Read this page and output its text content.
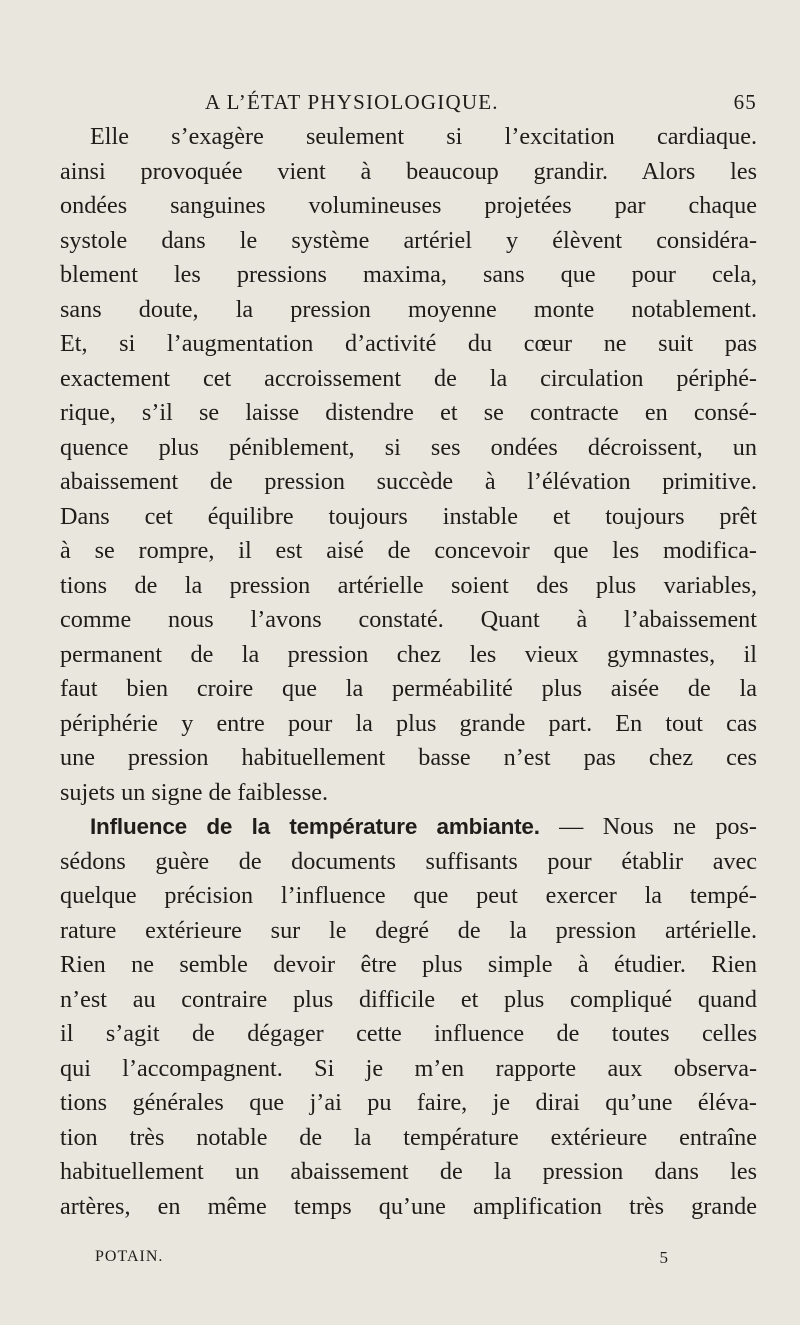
A L’ÉTAT PHYSIOLOGIQUE.	65
Elle s’exagère seulement si l’excitation cardiaque.
ainsi provoquée vient à beaucoup grandir. Alors les
ondées sanguines volumineuses projetées par chaque
systole dans le système artériel y élèvent considéra-
blement les pressions maxima, sans que pour cela,
sans doute, la pression moyenne monte notablement.
Et, si l’augmentation d’activité du cœur ne suit pas
exactement cet accroissement de la circulation périphé-
rique, s’il se laisse distendre et se contracte en consé-
quence plus péniblement, si ses ondées décroissent, un
abaissement de pression succède à l’élévation primitive.
Dans cet équilibre toujours instable et toujours prêt
à se rompre, il est aisé de concevoir que les modifica-
tions de la pression artérielle soient des plus variables,
comme nous l’avons constaté. Quant à l’abaissement
permanent de la pression chez les vieux gymnastes, il
faut bien croire que la perméabilité plus aisée de la
périphérie y entre pour la plus grande part. En tout cas
une pression habituellement basse n’est pas chez ces
sujets un signe de faiblesse.
Influence de la température ambiante. — Nous ne pos-
sédons guère de documents suffisants pour établir avec
quelque précision l’influence que peut exercer la tempé-
rature extérieure sur le degré de la pression artérielle.
Rien ne semble devoir être plus simple à étudier. Rien
n’est au contraire plus difficile et plus compliqué quand
il s’agit de dégager cette influence de toutes celles
qui l’accompagnent. Si je m’en rapporte aux observa-
tions générales que j’ai pu faire, je dirai qu’une éléva-
tion très notable de la température extérieure entraîne
habituellement un abaissement de la pression dans les
artères, en même temps qu’une amplification très grande
POTAIN.	5
